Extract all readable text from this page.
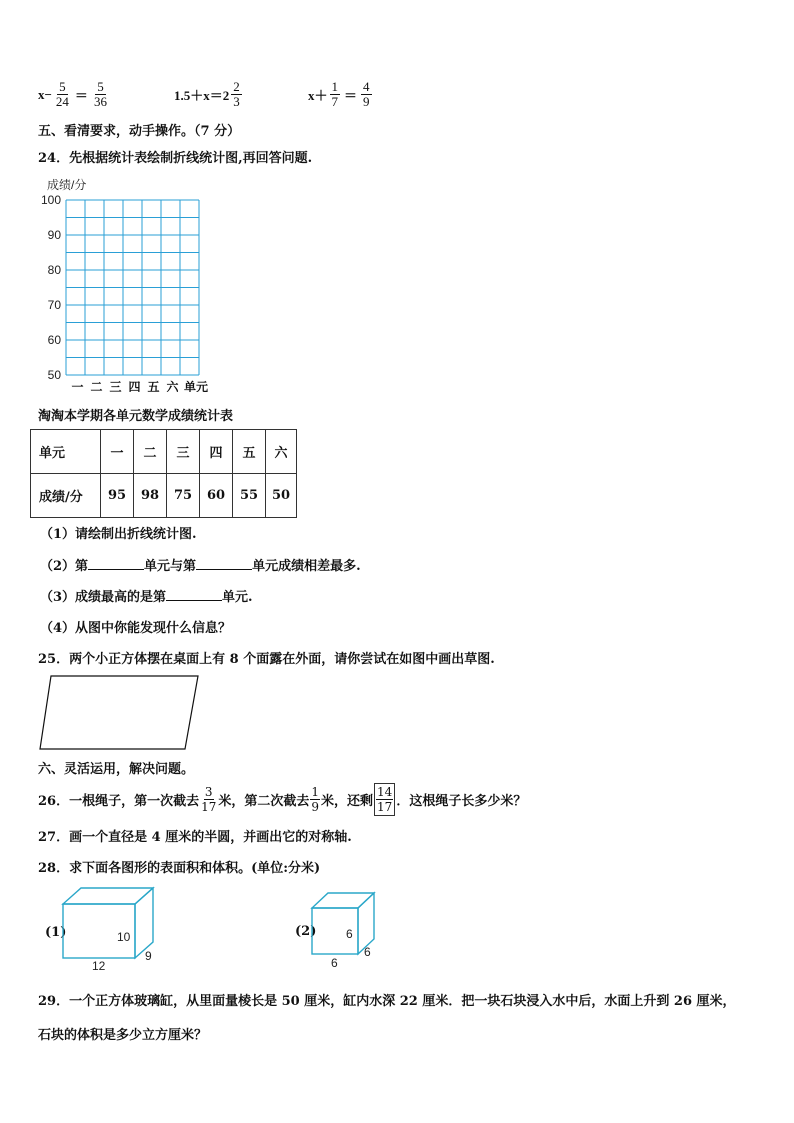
$x- \frac{5}{24} = \frac{5}{36}$	$1.5+x=2 \frac{2}{3}$	$x+ \frac{1}{7} = \frac{4}{9}$
五、看清要求，动手操作。（7 分）
24．先根据统计表绘制折线统计图,再回答问题.
成绩/分
100
90
80
70
60
50
一 二 三 四 五 六 单元
淘淘本学期各单元数学成绩统计表
单元	一	二	三	四	五	六
成绩/分	95	98	75	60	55	50
（1）请绘制出折线统计图.
（2）第	单元与第	单元成绩相差最多.
（3）成绩最高的是第	单元.
（4）从图中你能发现什么信息？
25．两个小正方体摆在桌面上有 8 个面露在外面，请你尝试在如图中画出草图.
六、灵活运用，解决问题。
26．一根绳子，第一次截去 $\frac{3}{17}$ 米，第二次截去 $\frac{1}{9}$ 米，还剩 $\frac{14}{17}$ ．这根绳子长多少米？
27．画一个直径是 4 厘米的半圆，并画出它的对称轴.
28．求下面各图形的表面积和体积。(单位:分米)
(1)	10
9
12
(2) 6
6
6
29．一个正方体玻璃缸，从里面量棱长是 50 厘米，缸内水深 22 厘米．把一块石块浸入水中后，水面上升到 26 厘米，
石块的体积是多少立方厘米？
